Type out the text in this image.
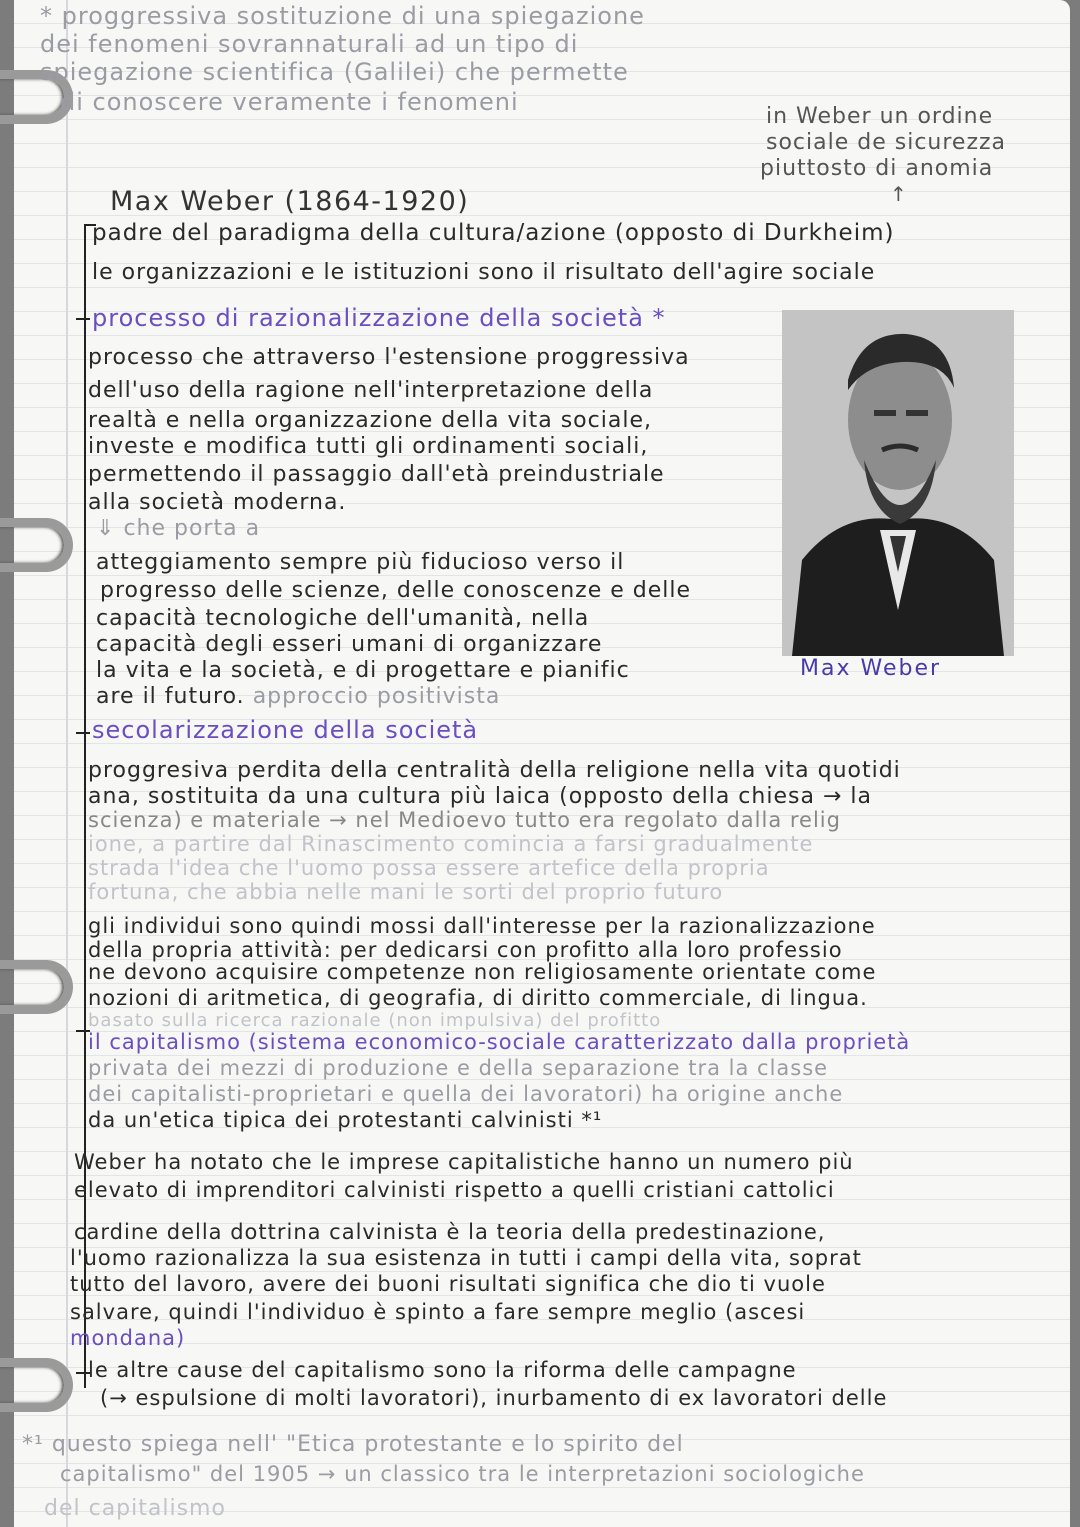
* proggressiva sostituzione di una spiegazione
dei fenomeni sovrannaturali ad un tipo di
spiegazione scientifica (Galilei) che permette
di conoscere veramente i fenomeni
in Weber un ordine
sociale de sicurezza
piuttosto di anomia
↑
Max Weber (1864-1920)
padre del paradigma della cultura/azione (opposto di Durkheim)
le organizzazioni e le istituzioni sono il risultato dell'agire sociale
processo di razionalizzazione della società *
processo che attraverso l'estensione proggressiva
dell'uso della ragione nell'interpretazione della
realtà e nella organizzazione della vita sociale,
investe e modifica tutti gli ordinamenti sociali,
permettendo il passaggio dall'età preindustriale
alla società moderna.
⇓ che porta a
atteggiamento sempre più fiducioso verso il
progresso delle scienze, delle conoscenze e delle
capacità tecnologiche dell'umanità, nella
capacità degli esseri umani di organizzare
la vita e la società, e di progettare e pianific
are il futuro. approccio positivista
Max Weber
secolarizzazione della società
proggresiva perdita della centralità della religione nella vita quotidi
ana, sostituita da una cultura più laica (opposto della chiesa → la
scienza) e materiale → nel Medioevo tutto era regolato dalla relig
ione, a partire dal Rinascimento comincia a farsi gradualmente
strada l'idea che l'uomo possa essere artefice della propria
fortuna, che abbia nelle mani le sorti del proprio futuro
gli individui sono quindi mossi dall'interesse per la razionalizzazione
della propria attività: per dedicarsi con profitto alla loro professio
ne devono acquisire competenze non religiosamente orientate come
nozioni di aritmetica, di geografia, di diritto commerciale, di lingua.
basato sulla ricerca razionale (non impulsiva) del profitto
il capitalismo (sistema economico-sociale caratterizzato dalla proprietà
privata dei mezzi di produzione e della separazione tra la classe
dei capitalisti-proprietari e quella dei lavoratori) ha origine anche
da un'etica tipica dei protestanti calvinisti *¹
Weber ha notato che le imprese capitalistiche hanno un numero più
elevato di imprenditori calvinisti rispetto a quelli cristiani cattolici
cardine della dottrina calvinista è la teoria della predestinazione,
l'uomo razionalizza la sua esistenza in tutti i campi della vita, soprat
tutto del lavoro, avere dei buoni risultati significa che dio ti vuole
salvare, quindi l'individuo è spinto a fare sempre meglio (ascesi
mondana)
le altre cause del capitalismo sono la riforma delle campagne
(→ espulsione di molti lavoratori), inurbamento di ex lavoratori delle
*¹ questo spiega nell' "Etica protestante e lo spirito del
capitalismo" del 1905 → un classico tra le interpretazioni sociologiche
del capitalismo
